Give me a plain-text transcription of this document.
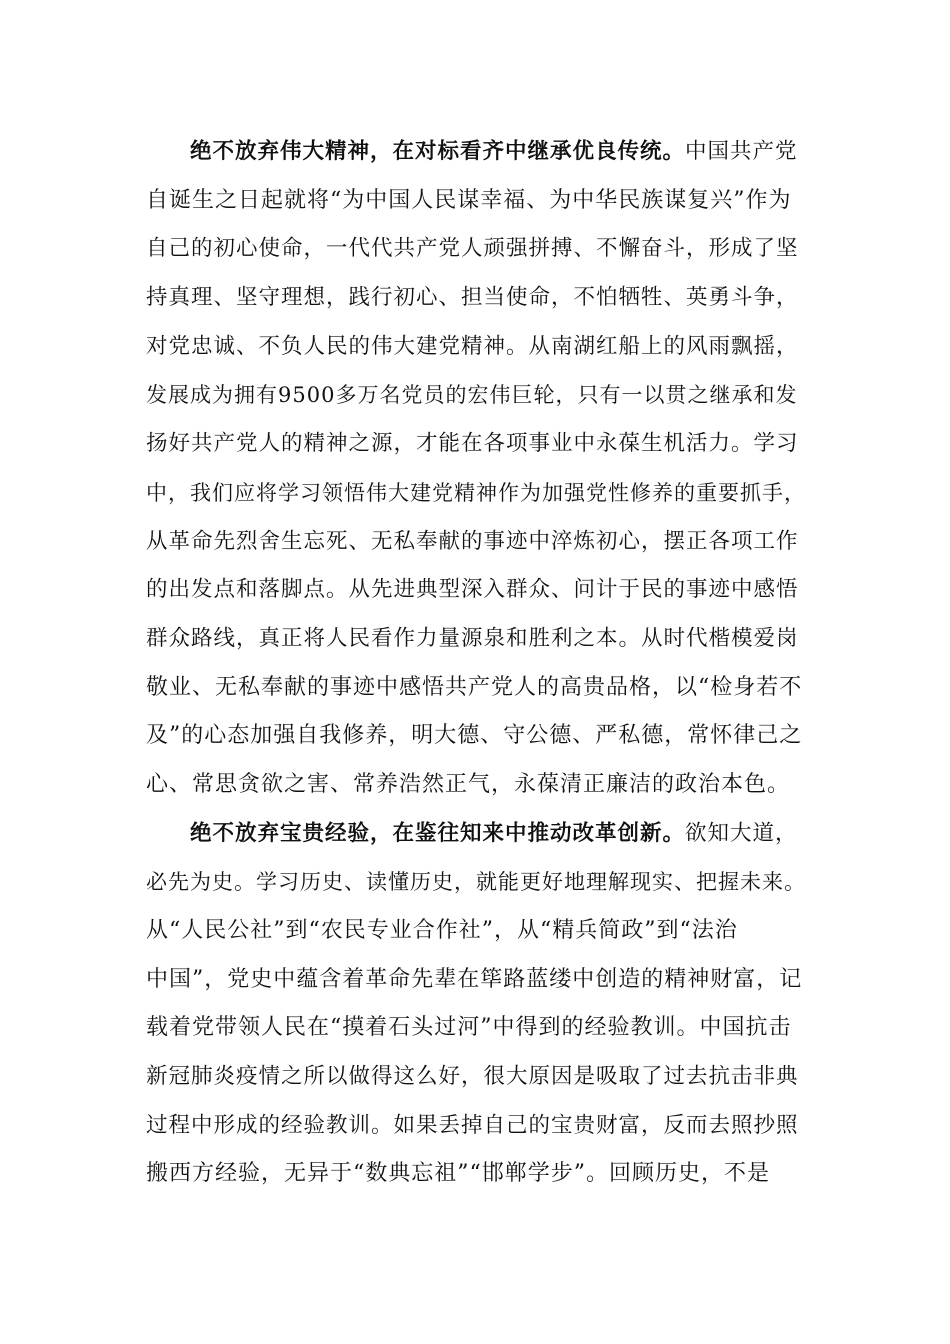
绝不放弃伟大精神，在对标看齐中继承优良传统。中国共产党
自诞生之日起就将“为中国人民谋幸福、为中华民族谋复兴”作为
自己的初心使命，一代代共产党人顽强拼搏、不懈奋斗，形成了坚
持真理、坚守理想，践行初心、担当使命，不怕牺牲、英勇斗争，
对党忠诚、不负人民的伟大建党精神。从南湖红船上的风雨飘摇，
发展成为拥有9500多万名党员的宏伟巨轮，只有一以贯之继承和发
扬好共产党人的精神之源，才能在各项事业中永葆生机活力。学习
中，我们应将学习领悟伟大建党精神作为加强党性修养的重要抓手，
从革命先烈舍生忘死、无私奉献的事迹中淬炼初心，摆正各项工作
的出发点和落脚点。从先进典型深入群众、问计于民的事迹中感悟
群众路线，真正将人民看作力量源泉和胜利之本。从时代楷模爱岗
敬业、无私奉献的事迹中感悟共产党人的高贵品格，以“检身若不
及”的心态加强自我修养，明大德、守公德、严私德，常怀律己之
心、常思贪欲之害、常养浩然正气，永葆清正廉洁的政治本色。
绝不放弃宝贵经验，在鉴往知来中推动改革创新。欲知大道，
必先为史。学习历史、读懂历史，就能更好地理解现实、把握未来。
从“人民公社”到“农民专业合作社”，从“精兵简政”到“法治
中国”，党史中蕴含着革命先辈在筚路蓝缕中创造的精神财富，记
载着党带领人民在“摸着石头过河”中得到的经验教训。中国抗击
新冠肺炎疫情之所以做得这么好，很大原因是吸取了过去抗击非典
过程中形成的经验教训。如果丢掉自己的宝贵财富，反而去照抄照
搬西方经验，无异于“数典忘祖”“邯郸学步”。回顾历史，不是
